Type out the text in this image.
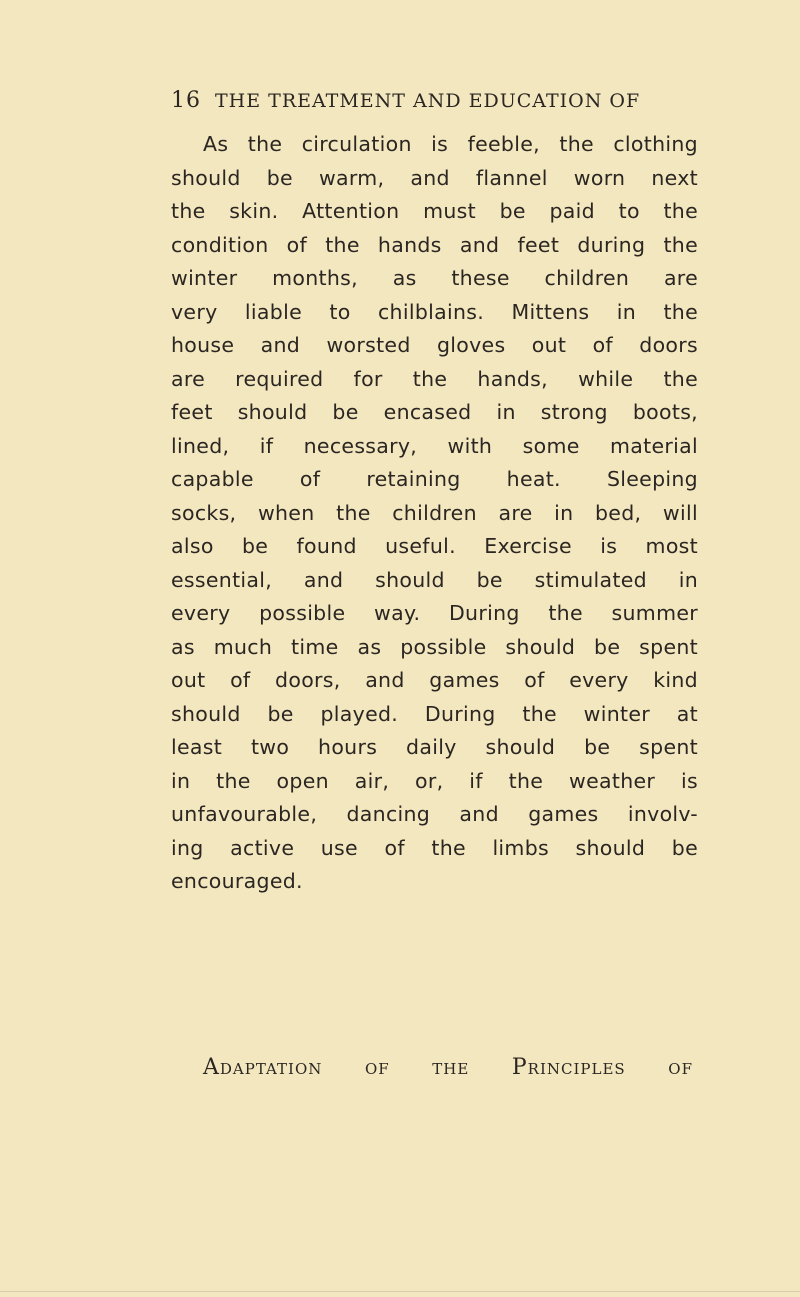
16 THE TREATMENT AND EDUCATION OF
As the circulation is feeble, the clothing
should be warm, and flannel worn next
the skin. Attention must be paid to the
condition of the hands and feet during the
winter months, as these children are
very liable to chilblains. Mittens in the
house and worsted gloves out of doors
are required for the hands, while the
feet should be encased in strong boots,
lined, if necessary, with some material
capable of retaining heat. Sleeping
socks, when the children are in bed, will
also be found useful. Exercise is most
essential, and should be stimulated in
every possible way. During the summer
as much time as possible should be spent
out of doors, and games of every kind
should be played. During the winter at
least two hours daily should be spent
in the open air, or, if the weather is
unfavourable, dancing and games involv-
ing active use of the limbs should be
encouraged.
Adaptation of the Principles of
